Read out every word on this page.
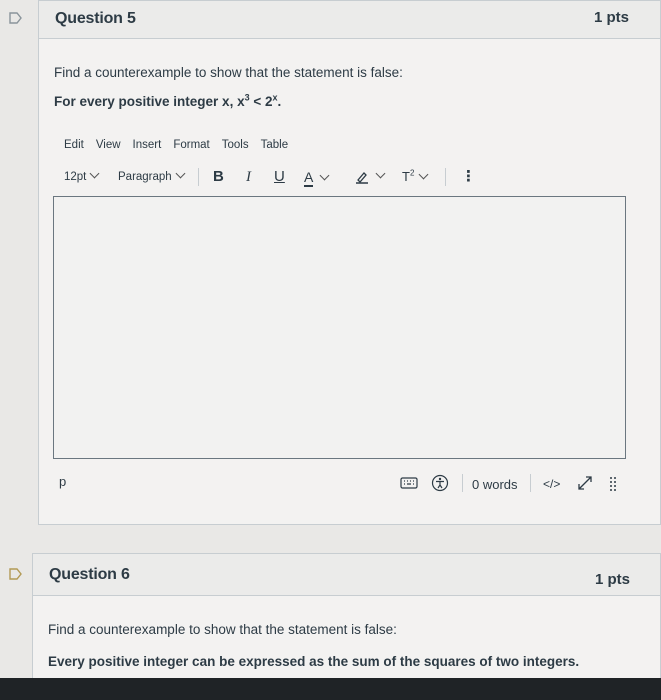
Question 5	1 pts
Find a counterexample to show that the statement is false:
For every positive integer x, $x^3 < 2^x$.
Edit View Insert Format Tools Table
12pt	Paragraph	B I U A	$T^2$	⋮
p	0 words </>
Question 6	1 pts
Find a counterexample to show that the statement is false:
Every positive integer can be expressed as the sum of the squares of two integers.
